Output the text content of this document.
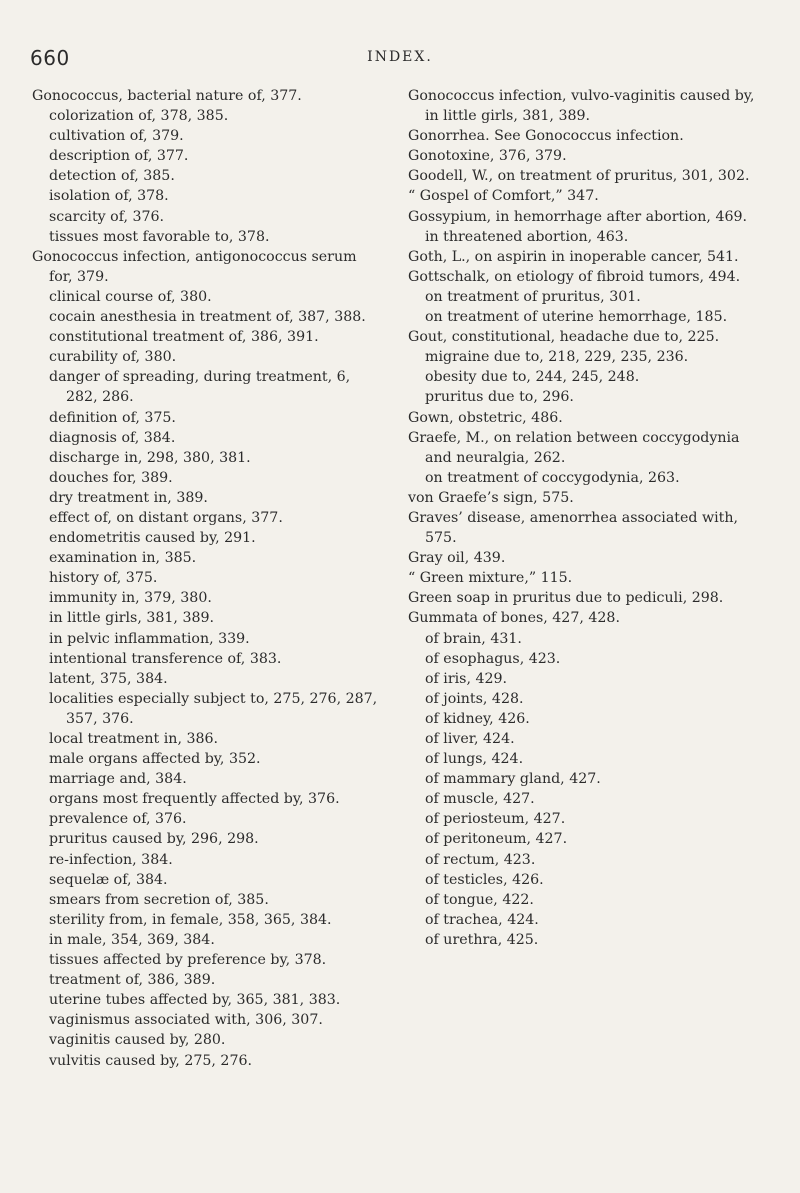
660	INDEX.
Gonococcus, bacterial nature of, 377.
colorization of, 378, 385.
cultivation of, 379.
description of, 377.
detection of, 385.
isolation of, 378.
scarcity of, 376.
tissues most favorable to, 378.
Gonococcus infection, antigonococcus serum for, 379.
clinical course of, 380.
cocain anesthesia in treatment of, 387, 388.
constitutional treatment of, 386, 391.
curability of, 380.
danger of spreading, during treatment, 6, 282, 286.
definition of, 375.
diagnosis of, 384.
discharge in, 298, 380, 381.
douches for, 389.
dry treatment in, 389.
effect of, on distant organs, 377.
endometritis caused by, 291.
examination in, 385.
history of, 375.
immunity in, 379, 380.
in little girls, 381, 389.
in pelvic inflammation, 339.
intentional transference of, 383.
latent, 375, 384.
localities especially subject to, 275, 276, 287, 357, 376.
local treatment in, 386.
male organs affected by, 352.
marriage and, 384.
organs most frequently affected by, 376.
prevalence of, 376.
pruritus caused by, 296, 298.
re-infection, 384.
sequelæ of, 384.
smears from secretion of, 385.
sterility from, in female, 358, 365, 384.
in male, 354, 369, 384.
tissues affected by preference by, 378.
treatment of, 386, 389.
uterine tubes affected by, 365, 381, 383.
vaginismus associated with, 306, 307.
vaginitis caused by, 280.
vulvitis caused by, 275, 276.
Gonococcus infection, vulvo-vaginitis caused by, in little girls, 381, 389.
Gonorrhea. See Gonococcus infection.
Gonotoxine, 376, 379.
Goodell, W., on treatment of pruritus, 301, 302.
“ Gospel of Comfort,” 347.
Gossypium, in hemorrhage after abortion, 469.
in threatened abortion, 463.
Goth, L., on aspirin in inoperable cancer, 541.
Gottschalk, on etiology of fibroid tumors, 494.
on treatment of pruritus, 301.
on treatment of uterine hemorrhage, 185.
Gout, constitutional, headache due to, 225.
migraine due to, 218, 229, 235, 236.
obesity due to, 244, 245, 248.
pruritus due to, 296.
Gown, obstetric, 486.
Graefe, M., on relation between coccygodynia and neuralgia, 262.
on treatment of coccygodynia, 263.
von Graefe’s sign, 575.
Graves’ disease, amenorrhea associated with, 575.
Gray oil, 439.
“ Green mixture,” 115.
Green soap in pruritus due to pediculi, 298.
Gummata of bones, 427, 428.
of brain, 431.
of esophagus, 423.
of iris, 429.
of joints, 428.
of kidney, 426.
of liver, 424.
of lungs, 424.
of mammary gland, 427.
of muscle, 427.
of periosteum, 427.
of peritoneum, 427.
of rectum, 423.
of testicles, 426.
of tongue, 422.
of trachea, 424.
of urethra, 425.
